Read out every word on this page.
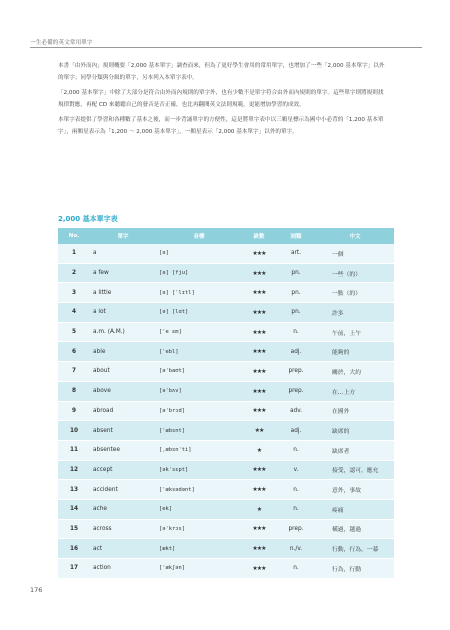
一生必備的英文常用單字

本書「由外而內」規則概要「2,000 基本單字」調查而來，但為了更好學生會用的常用單字，也增加了一些「2,000 基本單字」以外的單字；同學分類與分級的單字，另本列入本單字表中。

「2,000 基本單字」中除了大部分是符合由外而內規則的單字外，也有少數不是單字符合由外而內規則的單字。這些單字則將規則找規律對應，再配 CD 來聽聽自己的發音是否正確，也比再翻閱英文法則規範，更能增加學習的成效。

本單字表提供了學習和各種數了基本之後，而一步背誦單字的方便性，這是將單字表中以三顆星標示為國中小必背的「1,200 基本單字」，兩顆星表示為「1,200 ～ 2,000 基本單字」，一顆星表示「2,000 基本單字」以外的單字。

2,000 基本單字表
No.	單字	音標	級數	詞類	中文
1	a	[ə]	★★★	art.	一個
2	a few	[ə] [fju]	★★★	pn.	一些（的）
3	a little	[ə] [ˈlɪtl]	★★★	pn.	一點（的）
4	a lot	[ə] [lɑt]	★★★	pn.	許多
5	a.m. (A.M.)	[ˈe ɛm]	★★★	n.	午前，上午
6	able	[ˈebl]	★★★	adj.	能夠的
7	about	[əˈbaʊt]	★★★	prep.	關於，大約
8	above	[əˈbʌv]	★★★	prep.	在…上方
9	abroad	[əˈbrɔd]	★★★	adv.	在國外
10	absent	[ˈæbsnt]	★★	adj.	缺席的
11	absentee	[ˌæbsnˈti]	★	n.	缺席者
12	accept	[əkˈsɛpt]	★★★	v.	接受，認可，應允
13	accident	[ˈæksədənt]	★★★	n.	意外，事故
14	ache	[ek]	★	n.	疼痛
15	across	[əˈkrɔs]	★★★	prep.	橫過，越過
16	act	[ækt]	★★★	n./v.	行動，行為，一幕
17	action	[ˈækʃən]	★★★	n.	行為，行動
176
